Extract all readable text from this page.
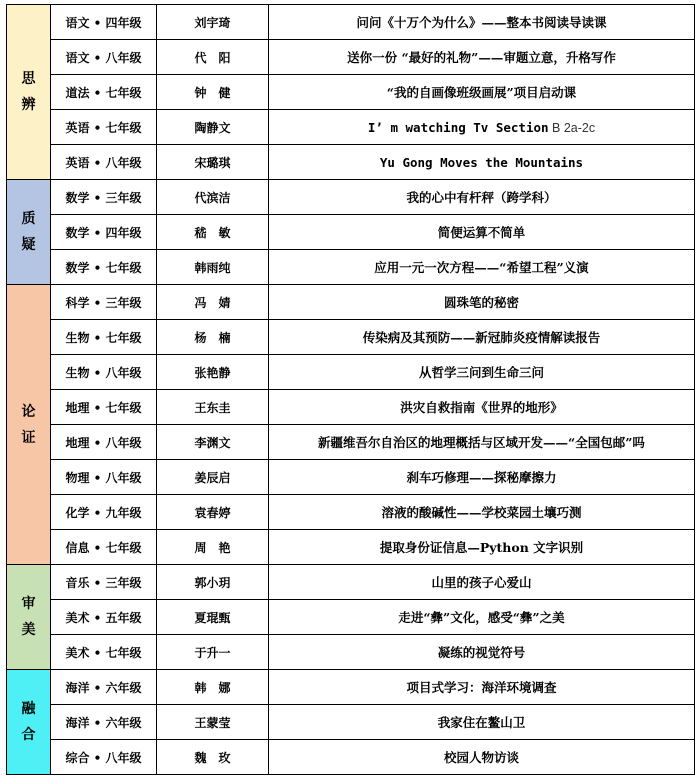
思辨	语文 • 四年级	刘宇琦	问问《十万个为什么》——整本书阅读导读课
	语文 • 八年级	代　阳	送你一份 “最好的礼物”——审题立意，升格写作
	道法 • 七年级	钟　健	“我的自画像班级画展”项目启动课
	英语 • 七年级	陶静文	I’ m watching Tv Section B 2a-2c
	英语 • 八年级	宋璐琪	Yu Gong Moves the Mountains
质疑	数学 • 三年级	代滨洁	我的心中有杆秤（跨学科）
	数学 • 四年级	嵇　敏	简便运算不简单
	数学 • 七年级	韩雨纯	应用一元一次方程——“希望工程”义演
论证	科学 • 三年级	冯　婧	圆珠笔的秘密
	生物 • 七年级	杨　楠	传染病及其预防——新冠肺炎疫情解读报告
	生物 • 八年级	张艳静	从哲学三问到生命三问
	地理 • 七年级	王东圭	洪灾自救指南《世界的地形》
	地理 • 八年级	李渊文	新疆维吾尔自治区的地理概括与区域开发——“全国包邮”吗
	物理 • 八年级	姜辰启	刹车巧修理——探秘摩擦力
	化学 • 九年级	袁春婷	溶液的酸碱性——学校菜园土壤巧测
	信息 • 七年级	周　艳	提取身份证信息—Python 文字识别
审美	音乐 • 三年级	郭小玥	山里的孩子心爱山
	美术 • 五年级	夏琨甄	走进“彝”文化，感受“彝”之美
	美术 • 七年级	于升一	凝练的视觉符号
融合	海洋 • 六年级	韩　娜	项目式学习：海洋环境调查
	海洋 • 六年级	王蒙莹	我家住在鳌山卫
	综合 • 八年级	魏　玫	校园人物访谈
